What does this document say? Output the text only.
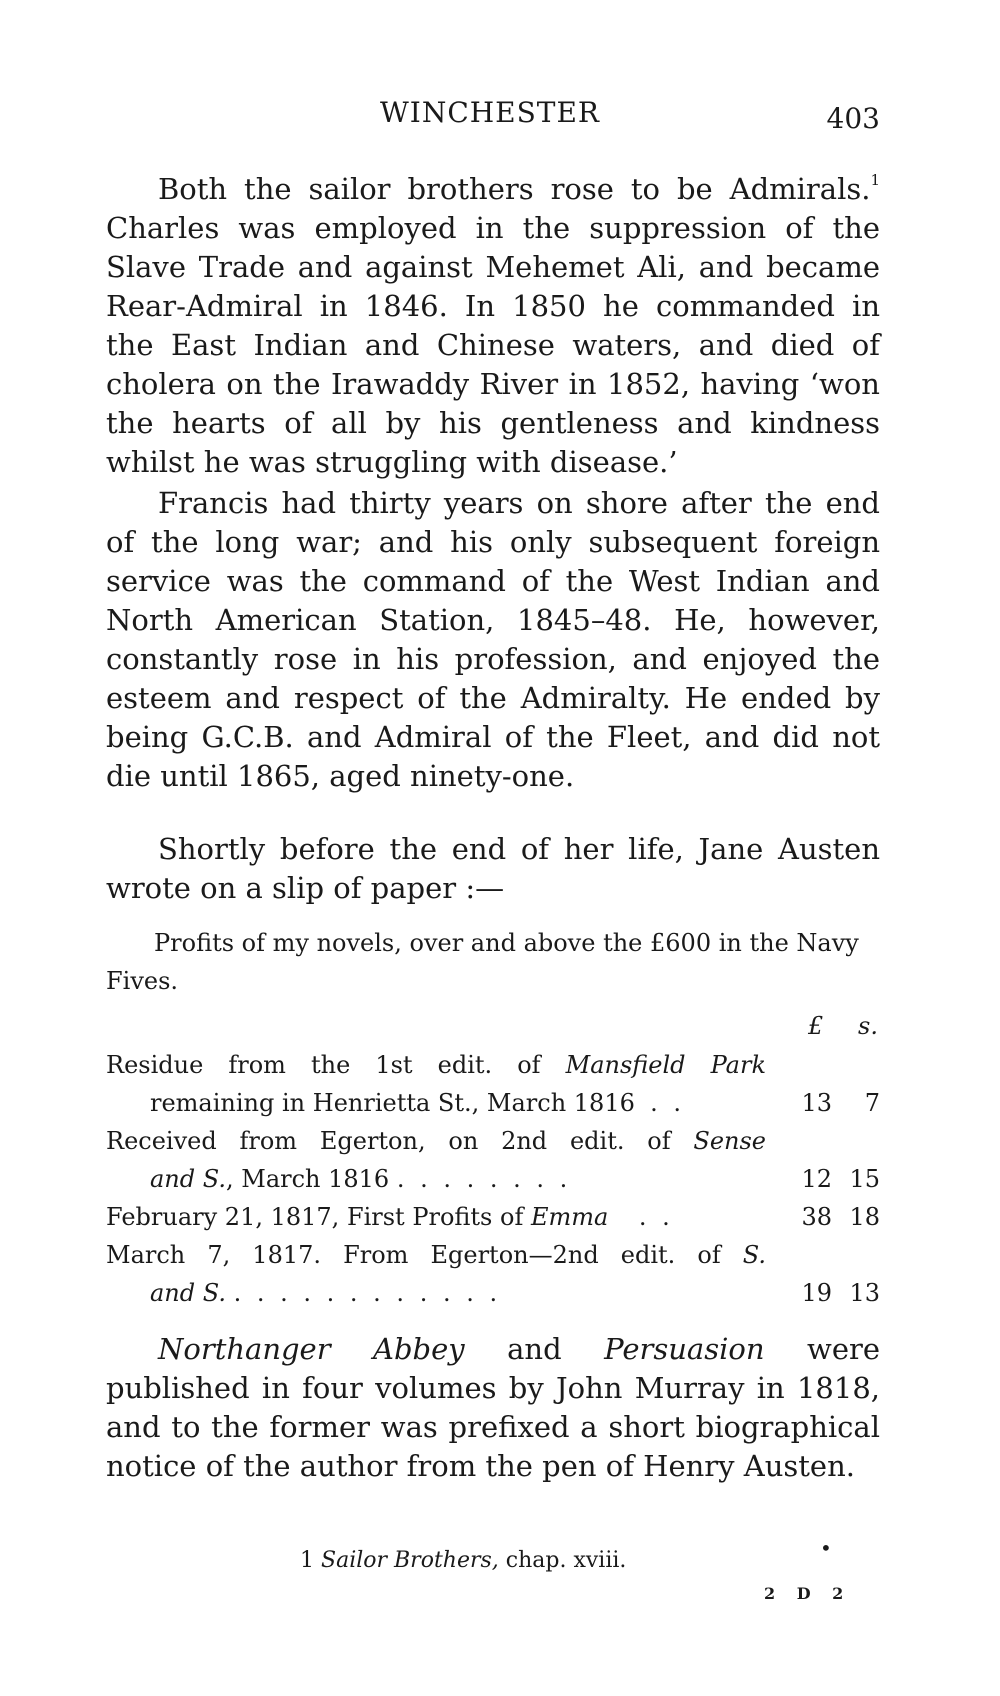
WINCHESTER	403

Both the sailor brothers rose to be Admirals.$^1$ Charles was employed in the suppression of the Slave Trade and against Mehemet Ali, and became Rear-Admiral in 1846. In 1850 he commanded in the East Indian and Chinese waters, and died of cholera on the Irawaddy River in 1852, having ‘won the hearts of all by his gentleness and kindness whilst he was struggling with disease.’

Francis had thirty years on shore after the end of the long war; and his only subsequent foreign service was the command of the West Indian and North American Station, 1845–48. He, however, constantly rose in his profession, and enjoyed the esteem and respect of the Admiralty. He ended by being G.C.B. and Admiral of the Fleet, and did not die until 1865, aged ninety-one.

Shortly before the end of her life, Jane Austen wrote on a slip of paper :—

Profits of my novels, over and above the £600 in the Navy Fives.

£ s.
Residue from the 1st edit. of Mansfield Park
remaining in Henrietta St., March 1816 . .	13	7
Received from Egerton, on 2nd edit. of Sense
and S., March 1816 . . . . . . . .	12 15
February 21, 1817, First Profits of Emma . .	38 18
March 7, 1817. From Egerton—2nd edit. of S.
and S. . . . . . . . . . . . .	19 13

Northanger Abbey and Persuasion were published in four volumes by John Murray in 1818, and to the former was prefixed a short biographical notice of the author from the pen of Henry Austen.

•
1 Sailor Brothers, chap. xviii.
2 D 2
